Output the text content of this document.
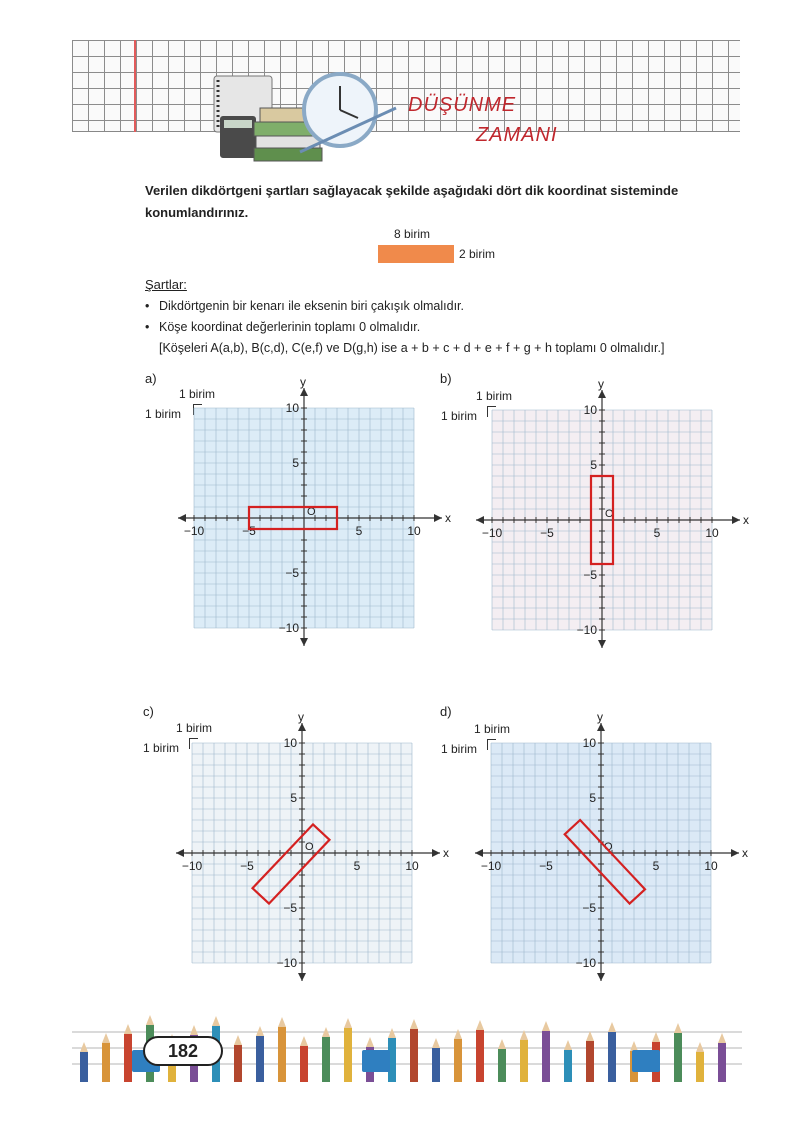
DÜŞÜNME
ZAMANI
Verilen dikdörtgeni şartları sağlayacak şekilde aşağıdaki dört dik koordinat sisteminde konumlandırınız.
8 birim
2 birim
Şartlar:
• Dikdörtgenin bir kenarı ile eksenin biri çakışık olmalıdır.
• Köşe koordinat değerlerinin toplamı 0 olmalıdır.
[Köşeleri A(a,b), B(c,d), C(e,f) ve D(g,h) ise a + b + c + d + e + f + g + h toplamı 0 olmalıdır.]
a)
1 birim
1 birim
b)
1 birim
1 birim
c)
1 birim
1 birim
d)
1 birim
1 birim
−10	−5	5	10
10
5
−5
−10
x
y
O
−10	−5	5	10
10
5
−5
−10
x
y
O
−10	−5	5	10
10
5
−5
−10
x
y
O
−10	−5	5	10
10
5
−5
−10
x
y
O
182
